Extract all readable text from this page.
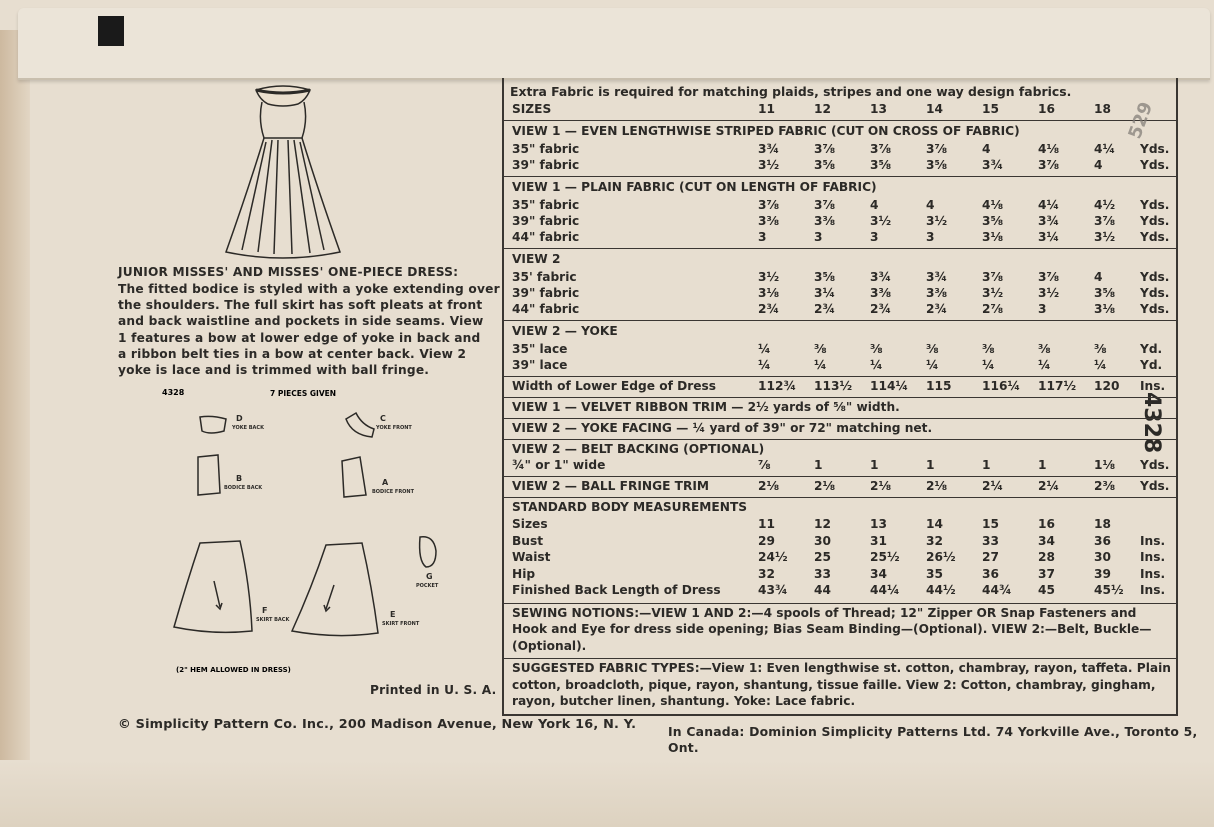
JUNIOR MISSES' AND MISSES' ONE-PIECE DRESS:
The fitted bodice is styled with a yoke extending over
the shoulders. The full skirt has soft pleats at front
and back waistline and pockets in side seams. View
1 features a bow at lower edge of yoke in back and
a ribbon belt ties in a bow at center back. View 2
yoke is lace and is trimmed with ball fringe.
4328	7 PIECES GIVEN
D
YOKE BACK
C
YOKE FRONT
B
BODICE BACK
A
BODICE FRONT
F
SKIRT BACK
E
SKIRT FRONT
G
POCKET
(2" HEM ALLOWED IN DRESS)
Printed in U. S. A.
© Simplicity Pattern Co. Inc., 200 Madison Avenue, New York 16, N. Y.	In Canada: Dominion Simplicity Patterns Ltd. 74 Yorkville Ave., Toronto 5, Ont.
4328
Extra Fabric is required for matching plaids, stripes and one way design fabrics.
SIZES	11	12	13	14	15	16	18
VIEW 1 — EVEN LENGTHWISE STRIPED FABRIC (CUT ON CROSS OF FABRIC)
35" fabric	3¾	3⅞	3⅞	3⅞	4	4⅛	4¼ Yds.
39" fabric	3½	3⅝	3⅝	3⅝	3¾	3⅞	4	Yds.
VIEW 1 — PLAIN FABRIC (CUT ON LENGTH OF FABRIC)
35" fabric	3⅞	3⅞	4	4	4⅛	4¼	4½ Yds.
39" fabric	3⅜	3⅜	3½	3½	3⅝	3¾	3⅞ Yds.
44" fabric	3	3	3	3	3⅛	3¼	3½ Yds.
VIEW 2
35' fabric	3½	3⅝	3¾	3¾	3⅞	3⅞	4	Yds.
39" fabric	3⅛	3¼	3⅜	3⅜	3½	3½	3⅝ Yds.
44" fabric	2¾	2¾	2¾	2¾	2⅞	3	3⅛ Yds.
VIEW 2 — YOKE
35" lace	¼	⅜	⅜	⅜	⅜	⅜	⅜	Yd.
39" lace	¼	¼	¼	¼	¼	¼	¼	Yd.
Width of Lower Edge of Dress	112¾ 113½ 114¼ 115	116¼ 117½ 120 Ins.
VIEW 1 — VELVET RIBBON TRIM — 2½ yards of ⅝" width.
VIEW 2 — YOKE FACING — ¼ yard of 39" or 72" matching net.
VIEW 2 — BELT BACKING (OPTIONAL)
¾" or 1" wide	⅞	1	1	1	1	1	1⅛ Yds.
VIEW 2 — BALL FRINGE TRIM	2⅛	2⅛	2⅛	2⅛	2¼	2¼	2⅜ Yds.
STANDARD BODY MEASUREMENTS
Sizes	11	12	13	14	15	16	18
Bust	29	30	31	32	33	34	36 Ins.
Waist	24½ 25	25½ 26½ 27	28	30 Ins.
Hip	32	33	34	35	36	37	39 Ins.
Finished Back Length of Dress	43¾ 44	44¼ 44½ 44¾ 45	45½ Ins.
SEWING NOTIONS:—VIEW 1 AND 2:—4 spools of Thread; 12" Zipper OR Snap Fasteners and
Hook and Eye for dress side opening; Bias Seam Binding—(Optional). VIEW 2:—Belt, Buckle—
(Optional).
SUGGESTED FABRIC TYPES:—View 1: Even lengthwise st. cotton, chambray, rayon, taffeta. Plain
cotton, broadcloth, pique, rayon, shantung, tissue faille. View 2: Cotton, chambray, gingham,
rayon, butcher linen, shantung. Yoke: Lace fabric.
529
